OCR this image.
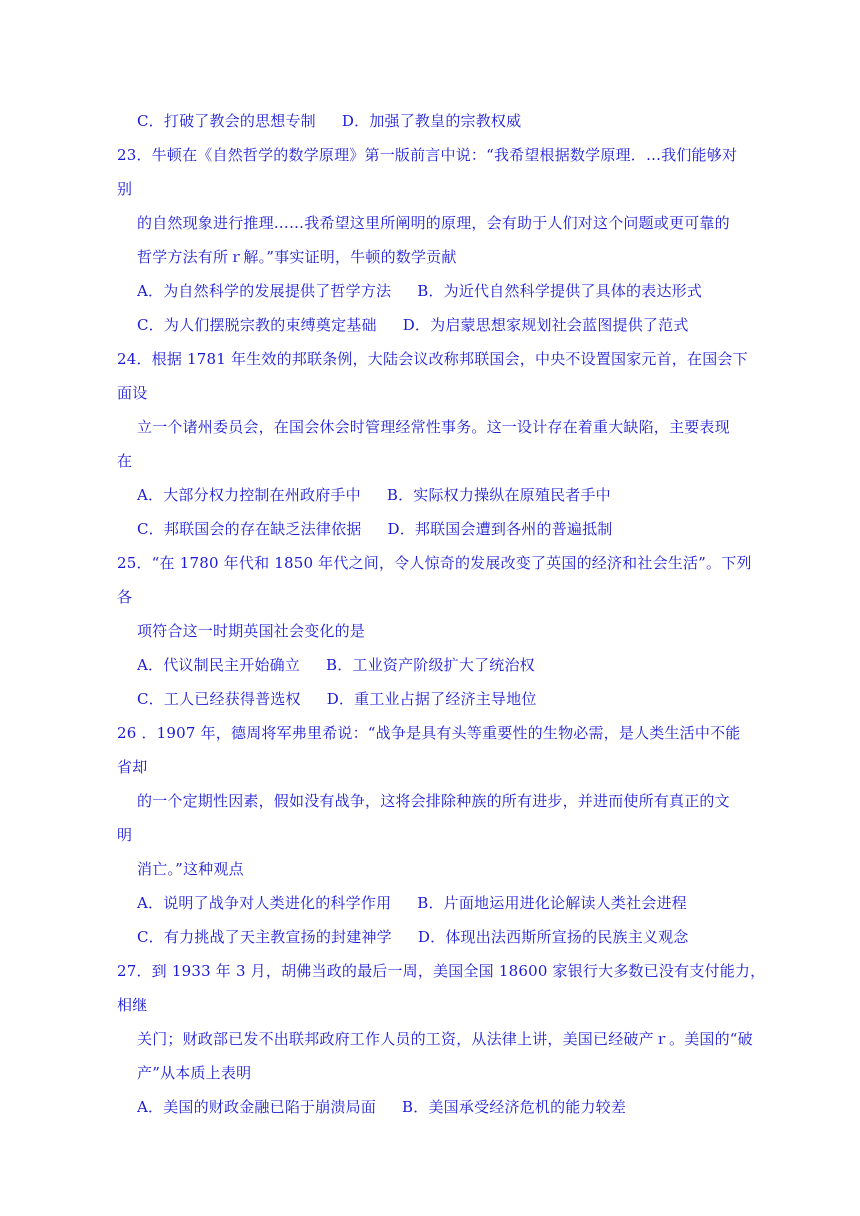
C．打破了教会的思想专制 D．加强了教皇的宗教权威
23．牛顿在《自然哲学的数学原理》第一版前言中说：“我希望根据数学原理．…我们能够对
别
的自然现象进行推理……我希望这里所阐明的原理，会有助于人们对这个问题或更可靠的
哲学方法有所ｒ解。”事实证明，牛顿的数学贡献
A．为自然科学的发展提供了哲学方法 B．为近代自然科学提供了具体的表达形式
C．为人们摆脱宗教的束缚奠定基础 D．为启蒙思想家规划社会蓝图提供了范式
24．根据 1781 年生效的邦联条例，大陆会议改称邦联国会，中央不设置国家元首，在国会下
面设
立一个诸州委员会，在国会休会时管理经常性事务。这一设计存在着重大缺陷，主要表现
在
A．大部分权力控制在州政府手中 B．实际权力操纵在原殖民者手中
C．邦联国会的存在缺乏法律依据 D．邦联国会遭到各州的普遍抵制
25．“在 1780 年代和 1850 年代之间，令人惊奇的发展改变了英国的经济和社会生活”。下列
各
项符合这一时期英国社会变化的是
A．代议制民主开始确立 B．工业资产阶级扩大了统治权
C．工人已经获得普选权 D．重工业占据了经济主导地位
26 ．1907 年，德周将军弗里希说：“战争是具有头等重要性的生物必需，是人类生活中不能
省却
的一个定期性因素，假如没有战争，这将会排除种族的所有进步，并进而使所有真正的文
明
消亡。”这种观点
A．说明了战争对人类进化的科学作用 B．片面地运用进化论解读人类社会进程
C．有力挑战了天主教宣扬的封建神学 D．体现出法西斯所宣扬的民族主义观念
27．到 1933 年 3 月，胡佛当政的最后一周，美国全国 18600 家银行大多数已没有支付能力，
相继
关门；财政部已发不出联邦政府工作人员的工资，从法律上讲，美国已经破产ｒ。美国的“破
产”从本质上表明
A．美国的财政金融已陷于崩溃局面 B．美国承受经济危机的能力较差
